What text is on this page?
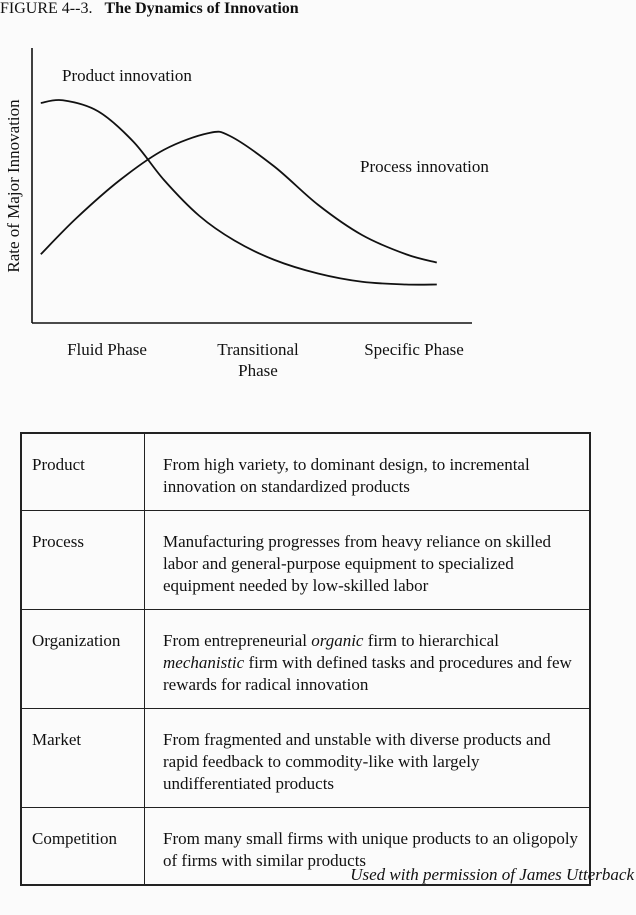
FIGURE 4--3. The Dynamics of Innovation
Product innovation
Process innovation
Rate of Major Innovation
Fluid Phase	Transitional Phase
Specific Phase
Product	From high variety, to dominant design, to incremental innovation on standardized products
Process	Manufacturing progresses from heavy reliance on skilled labor and general-purpose equipment to specialized equipment needed by low-skilled labor
Organization	From entrepreneurial organic firm to hierarchical mechanistic firm with defined tasks and procedures and few rewards for radical innovation
Market	From fragmented and unstable with diverse products and rapid feedback to commodity-like with largely undifferentiated products
Competition	From many small firms with unique products to an oligopoly of firms with similar products
Used with permission of James Utterback
